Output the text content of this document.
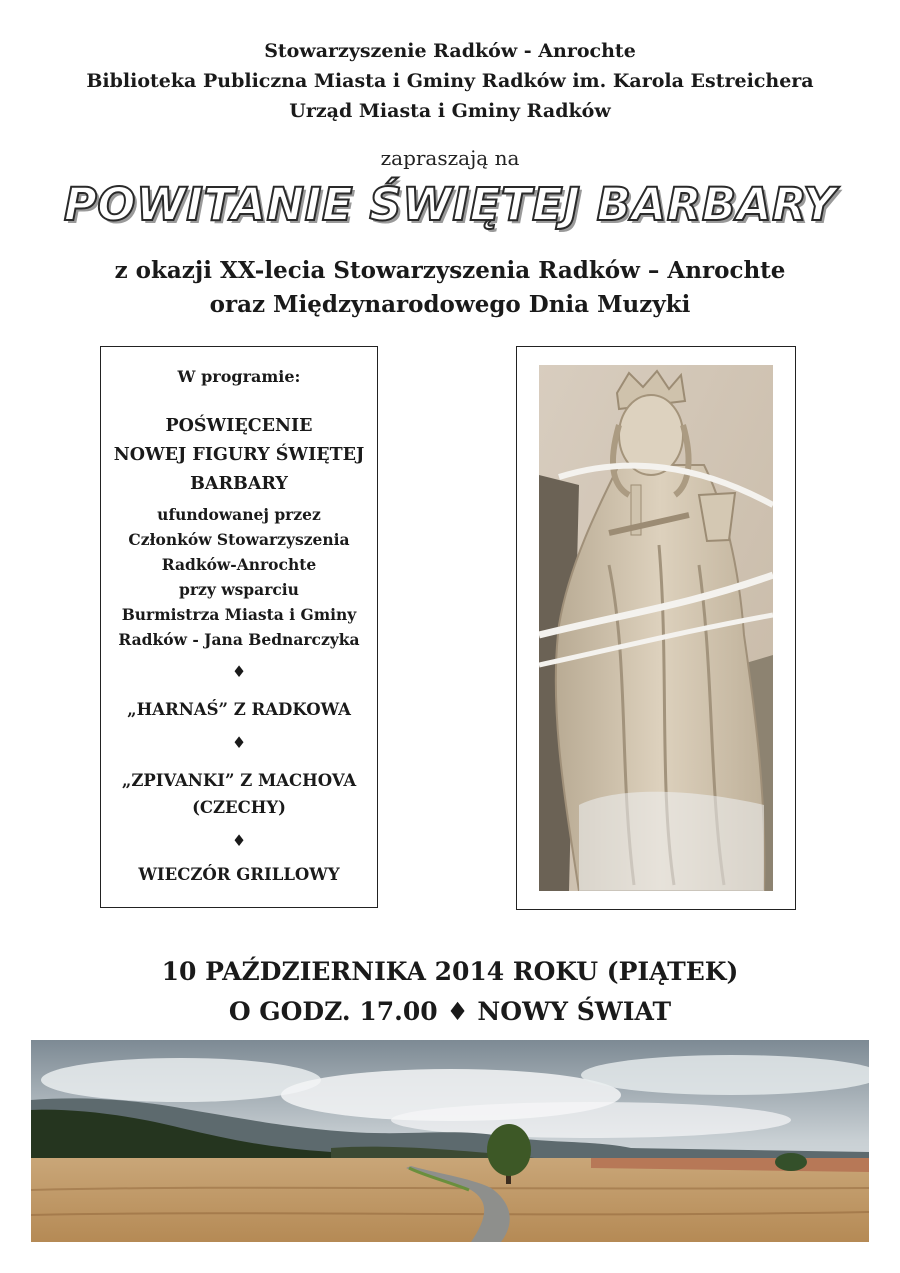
Stowarzyszenie Radków - Anrochte
Biblioteka Publiczna Miasta i Gminy Radków im. Karola Estreichera
Urząd Miasta i Gminy Radków
zapraszają na
POWITANIE ŚWIĘTEJ BARBARY
z okazji XX-lecia Stowarzyszenia Radków – Anrochte
oraz Międzynarodowego Dnia Muzyki
W programie:
POŚWIĘCENIE
NOWEJ FIGURY ŚWIĘTEJ
BARBARY
ufundowanej przez
Członków Stowarzyszenia
Radków-Anrochte
przy wsparciu
Burmistrza Miasta i Gminy
Radków - Jana Bednarczyka
♦
„HARNAŚ” Z RADKOWA
♦
„ZPIVANKI” Z MACHOVA
(CZECHY)
♦
WIECZÓR GRILLOWY
10 PAŹDZIERNIKA 2014 ROKU (PIĄTEK)
O GODZ. 17.00 ♦ NOWY ŚWIAT
